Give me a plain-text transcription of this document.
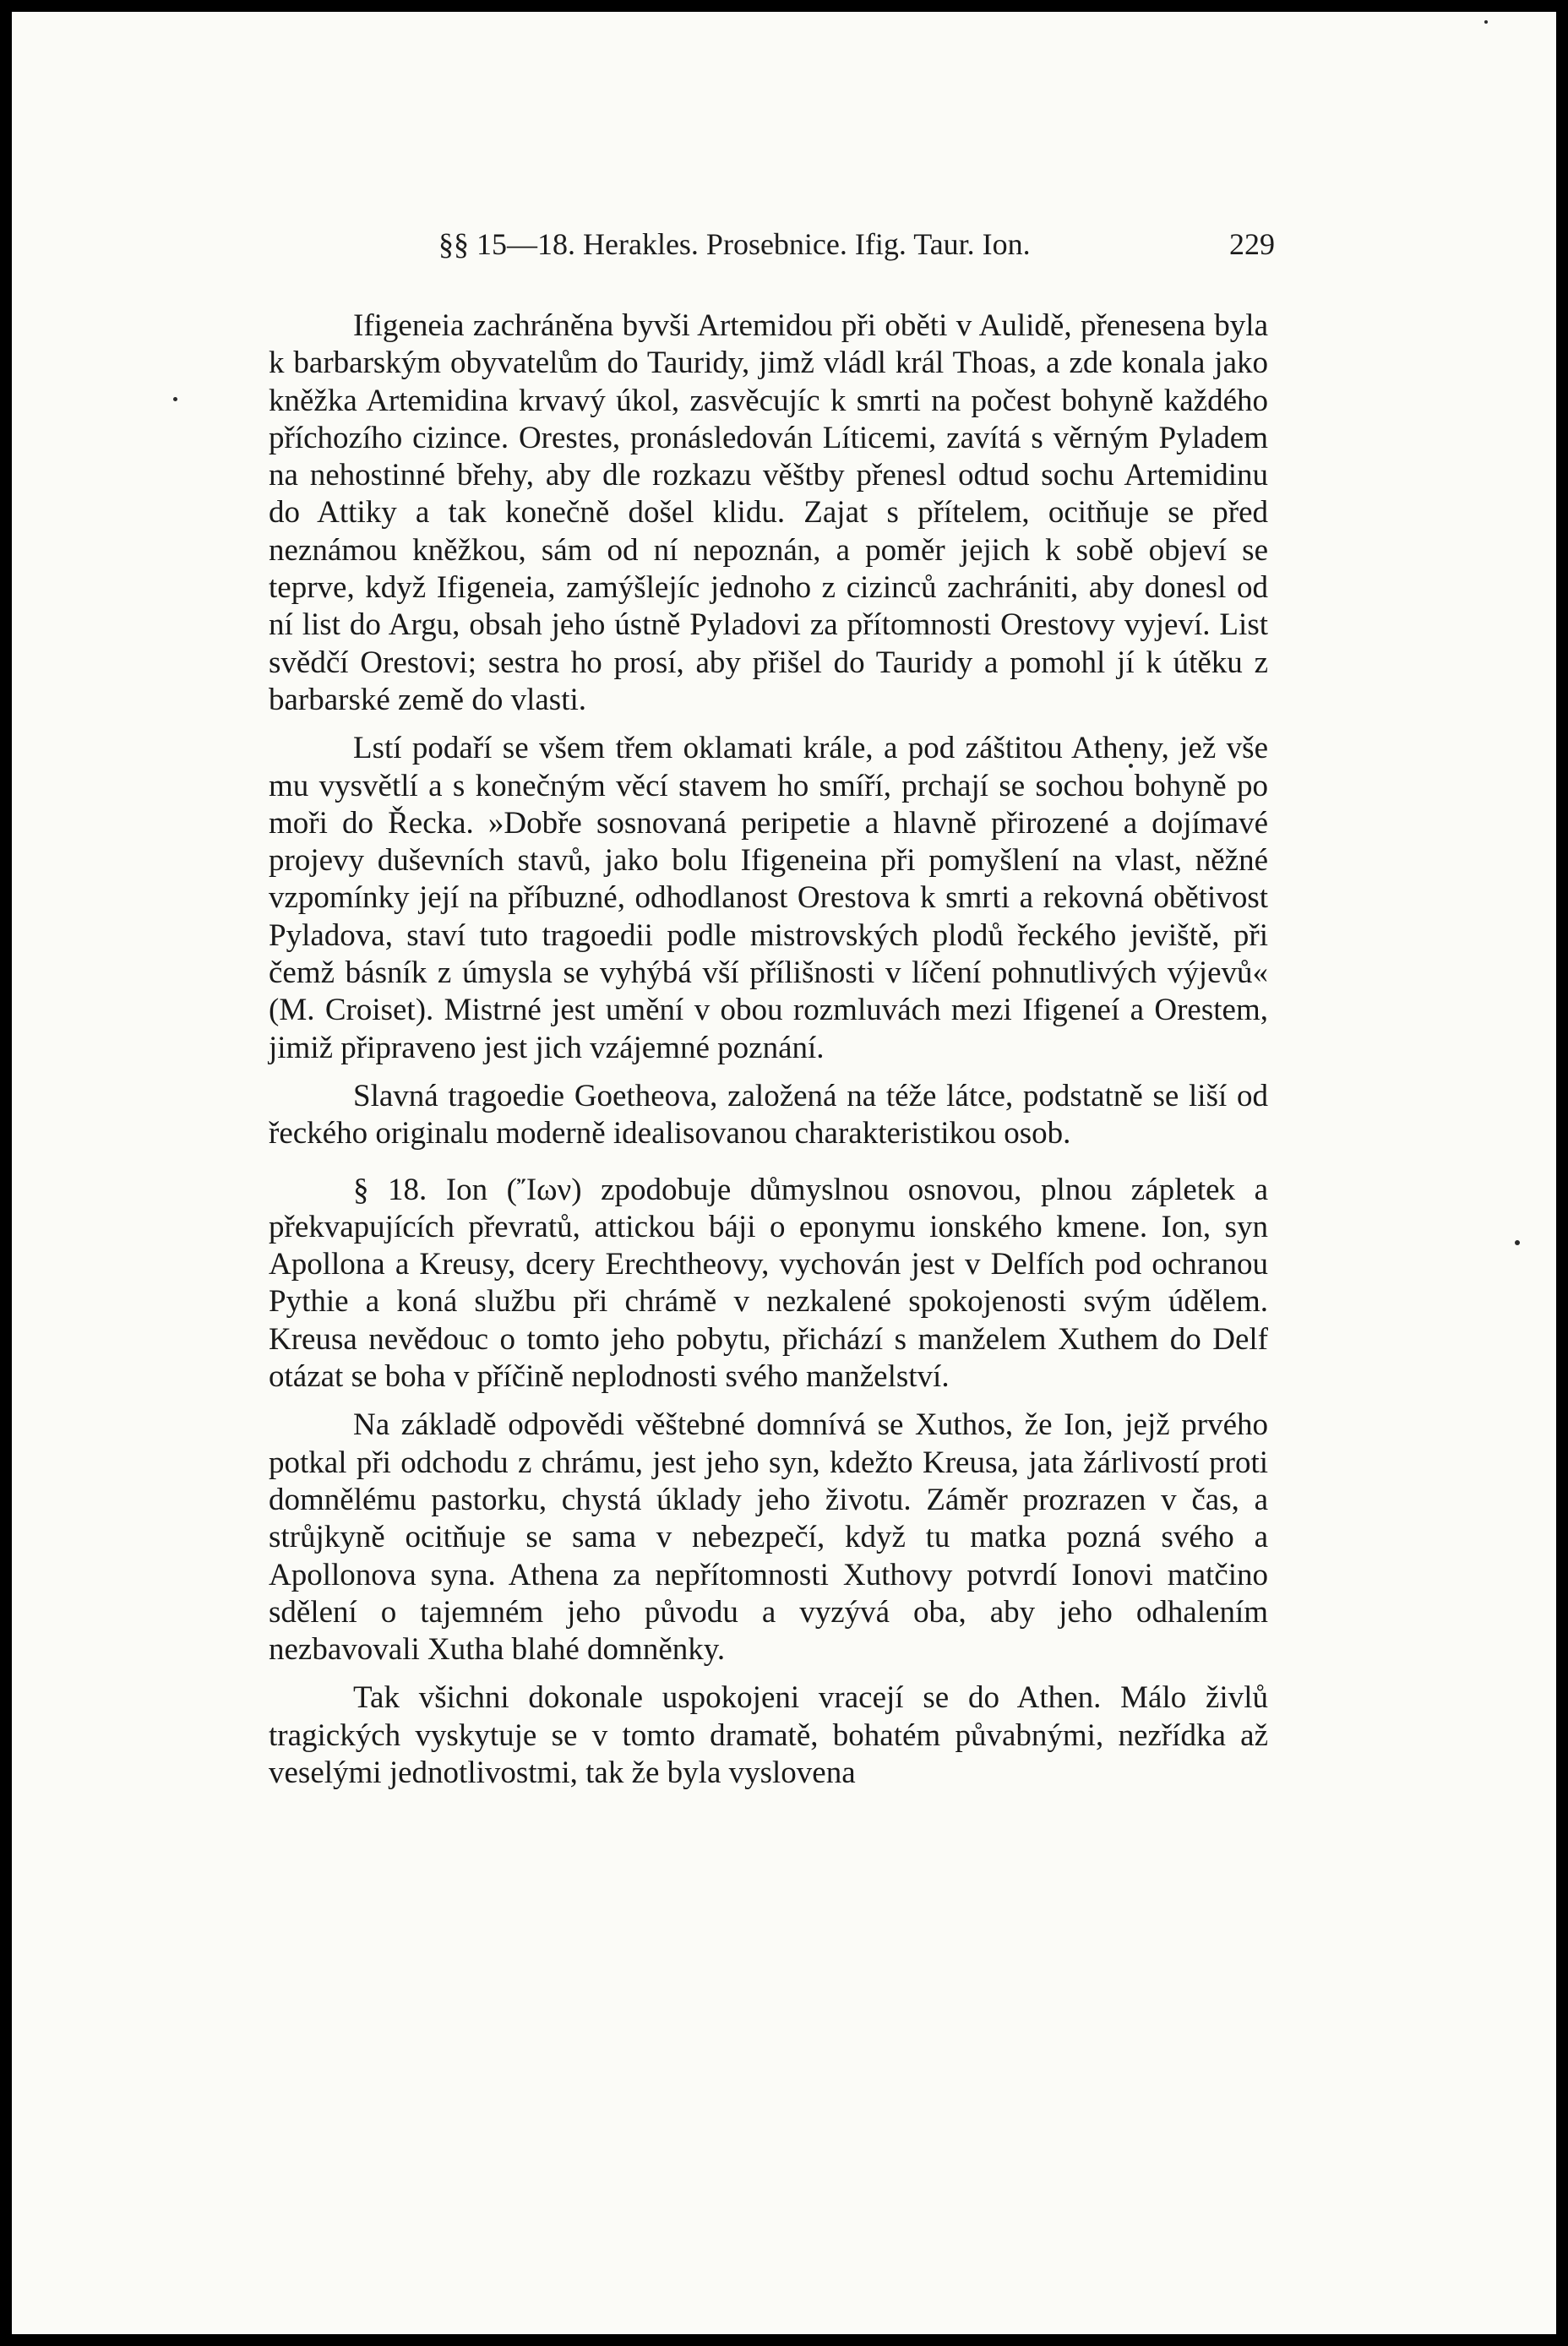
§§ 15—18. Herakles. Prosebnice. Ifig. Taur. Ion.	229

Ifigeneia zachráněna byvši Artemidou při oběti v Aulidě, přenesena byla k barbarským obyvatelům do Tauridy, jimž vládl král Thoas, a zde konala jako kněžka Artemidina krvavý úkol, zasvěcujíc k smrti na počest bohyně každého příchozího cizince. Orestes, pronásledován Líticemi, zavítá s věrným Pyladem na nehostinné břehy, aby dle rozkazu věštby přenesl odtud sochu Artemidinu do Attiky a tak konečně došel klidu. Zajat s přítelem, ocitňuje se před neznámou kněžkou, sám od ní nepoznán, a poměr jejich k sobě objeví se teprve, když Ifigeneia, zamýšlejíc jednoho z cizinců zachrániti, aby donesl od ní list do Argu, obsah jeho ústně Pyladovi za přítomnosti Orestovy vyjeví. List svědčí Orestovi; sestra ho prosí, aby přišel do Tauridy a pomohl jí k útěku z barbarské země do vlasti.

Lstí podaří se všem třem oklamati krále, a pod záštitou Atheny, jež vše mu vysvětlí a s konečným věcí stavem ho smíří, prchají se sochou bohyně po moři do Řecka. »Dobře sosnovaná peripetie a hlavně přirozené a dojímavé projevy duševních stavů, jako bolu Ifigeneina při pomyšlení na vlast, něžné vzpomínky její na příbuzné, odhodlanost Orestova k smrti a rekovná obětivost Pyladova, staví tuto tragoedii podle mistrovských plodů řeckého jeviště, při čemž básník z úmysla se vyhýbá vší přílišnosti v líčení pohnutlivých výjevů« (M. Croiset). Mistrné jest umění v obou rozmluvách mezi Ifigeneí a Orestem, jimiž připraveno jest jich vzájemné poznání.

Slavná tragoedie Goetheova, založená na téže látce, podstatně se liší od řeckého originalu moderně idealisovanou charakteristikou osob.

§ 18. Ion (Ἴων) zpodobuje důmyslnou osnovou, plnou zápletek a překvapujících převratů, attickou báji o eponymu ionského kmene. Ion, syn Apollona a Kreusy, dcery Erechtheovy, vychován jest v Delfích pod ochranou Pythie a koná službu při chrámě v nezkalené spokojenosti svým údělem. Kreusa nevědouc o tomto jeho pobytu, přichází s manželem Xuthem do Delf otázat se boha v příčině neplodnosti svého manželství.

Na základě odpovědi věštebné domnívá se Xuthos, že Ion, jejž prvého potkal při odchodu z chrámu, jest jeho syn, kdežto Kreusa, jata žárlivostí proti domnělému pastorku, chystá úklady jeho životu. Záměr prozrazen v čas, a strůjkyně ocitňuje se sama v nebezpečí, když tu matka pozná svého a Apollonova syna. Athena za nepřítomnosti Xuthovy potvrdí Ionovi matčino sdělení o tajemném jeho původu a vyzývá oba, aby jeho odhalením nezbavovali Xutha blahé domněnky.

Tak všichni dokonale uspokojeni vracejí se do Athen. Málo živlů tragických vyskytuje se v tomto dramatě, bohatém půvabnými, nezřídka až veselými jednotlivostmi, tak že byla vyslovena
